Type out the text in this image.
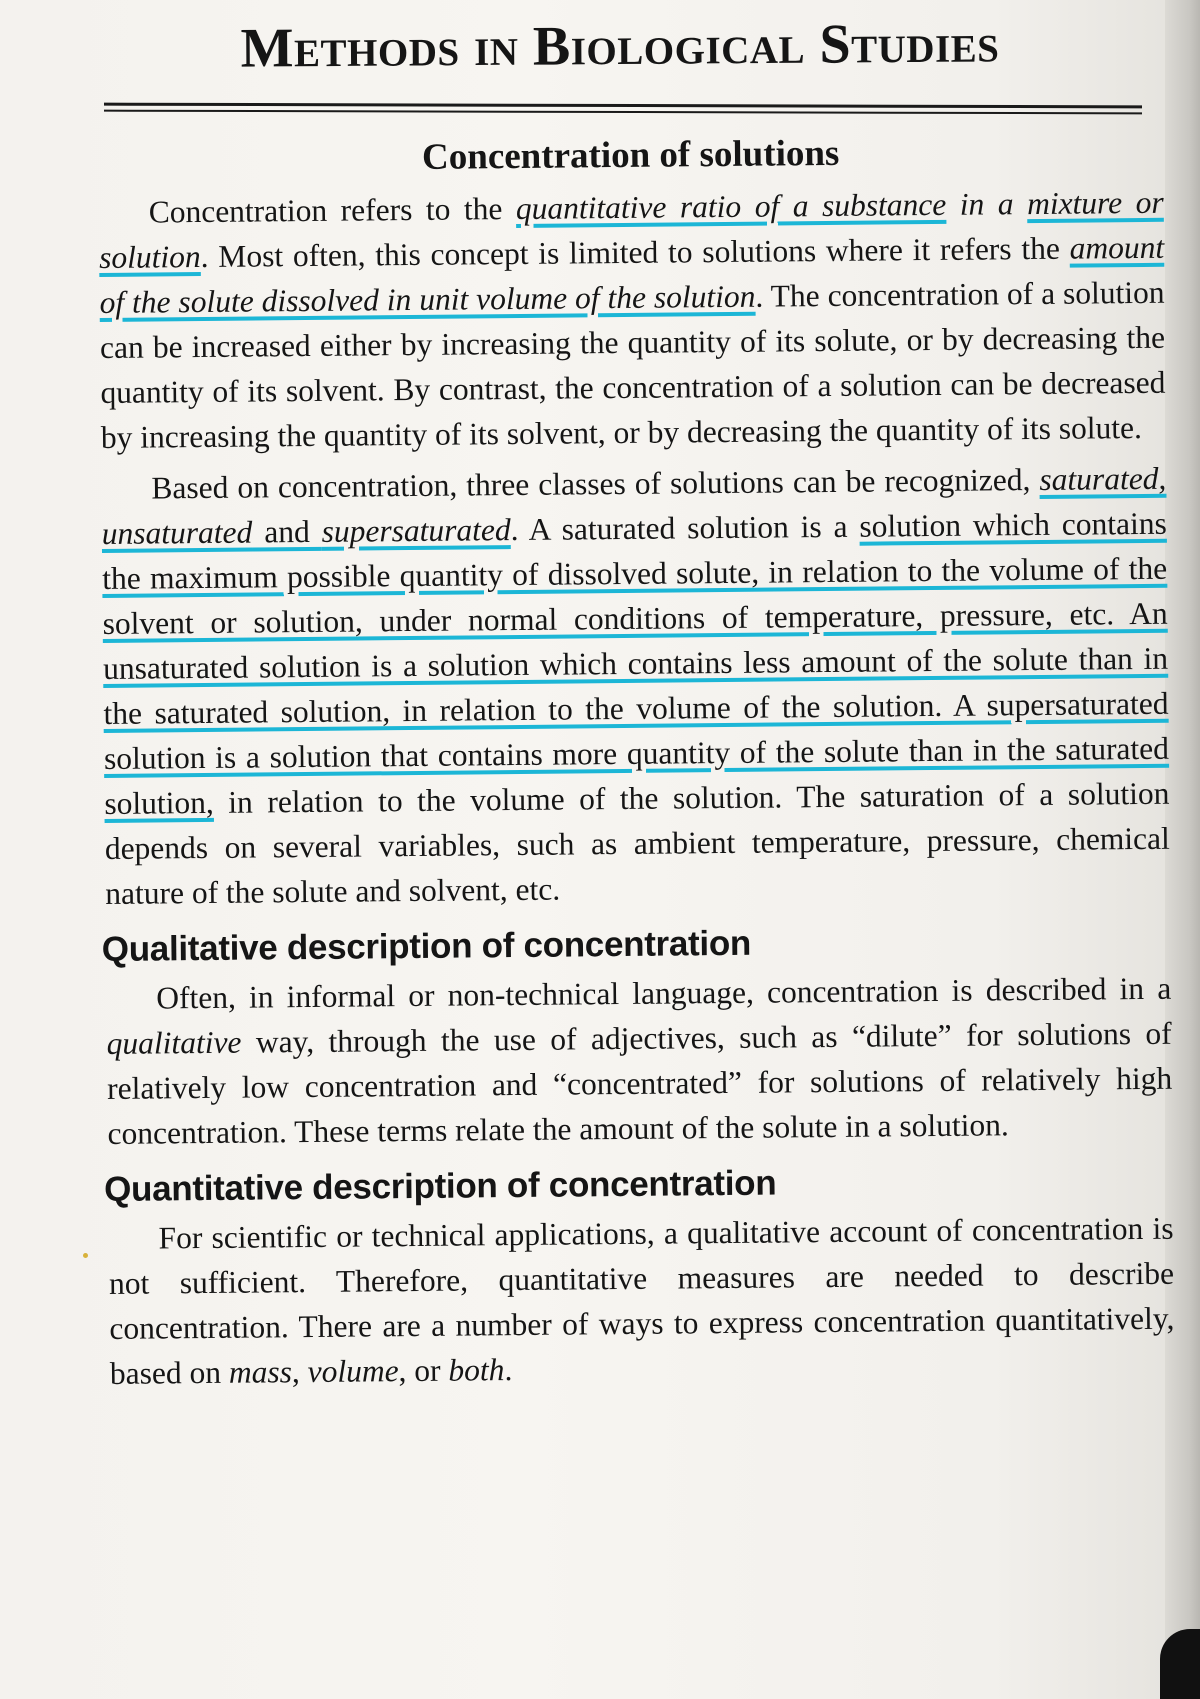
Methods in Biological Studies
Concentration of solutions

Concentration refers to the quantitative ratio of a substance in a mixture or solution. Most often, this concept is limited to solutions where it refers the amount of the solute dissolved in unit volume of the solution. The concentration of a solution can be increased either by increasing the quantity of its solute, or by decreasing the quantity of its solvent. By contrast, the concentration of a solution can be decreased by increasing the quantity of its solvent, or by decreasing the quantity of its solute.

Based on concentration, three classes of solutions can be recognized, saturated, unsaturated and supersaturated. A saturated solution is a solution which contains the maximum possible quantity of dissolved solute, in relation to the volume of the solvent or solution, under normal conditions of temperature, pressure, etc. An unsaturated solution is a solution which contains less amount of the solute than in the saturated solution, in relation to the volume of the solution. A supersaturated solution is a solution that contains more quantity of the solute than in the saturated solution, in relation to the volume of the solution. The saturation of a solution depends on several variables, such as ambient temperature, pressure, chemical nature of the solute and solvent, etc.

Qualitative description of concentration

Often, in informal or non-technical language, concentration is described in a qualitative way, through the use of adjectives, such as “dilute” for solutions of relatively low concentration and “concentrated” for solutions of relatively high concentration. These terms relate the amount of the solute in a solution.

Quantitative description of concentration

For scientific or technical applications, a qualitative account of concentration is not sufficient. Therefore, quantitative measures are needed to describe concentration. There are a number of ways to express concentration quantitatively, based on mass, volume, or both.
